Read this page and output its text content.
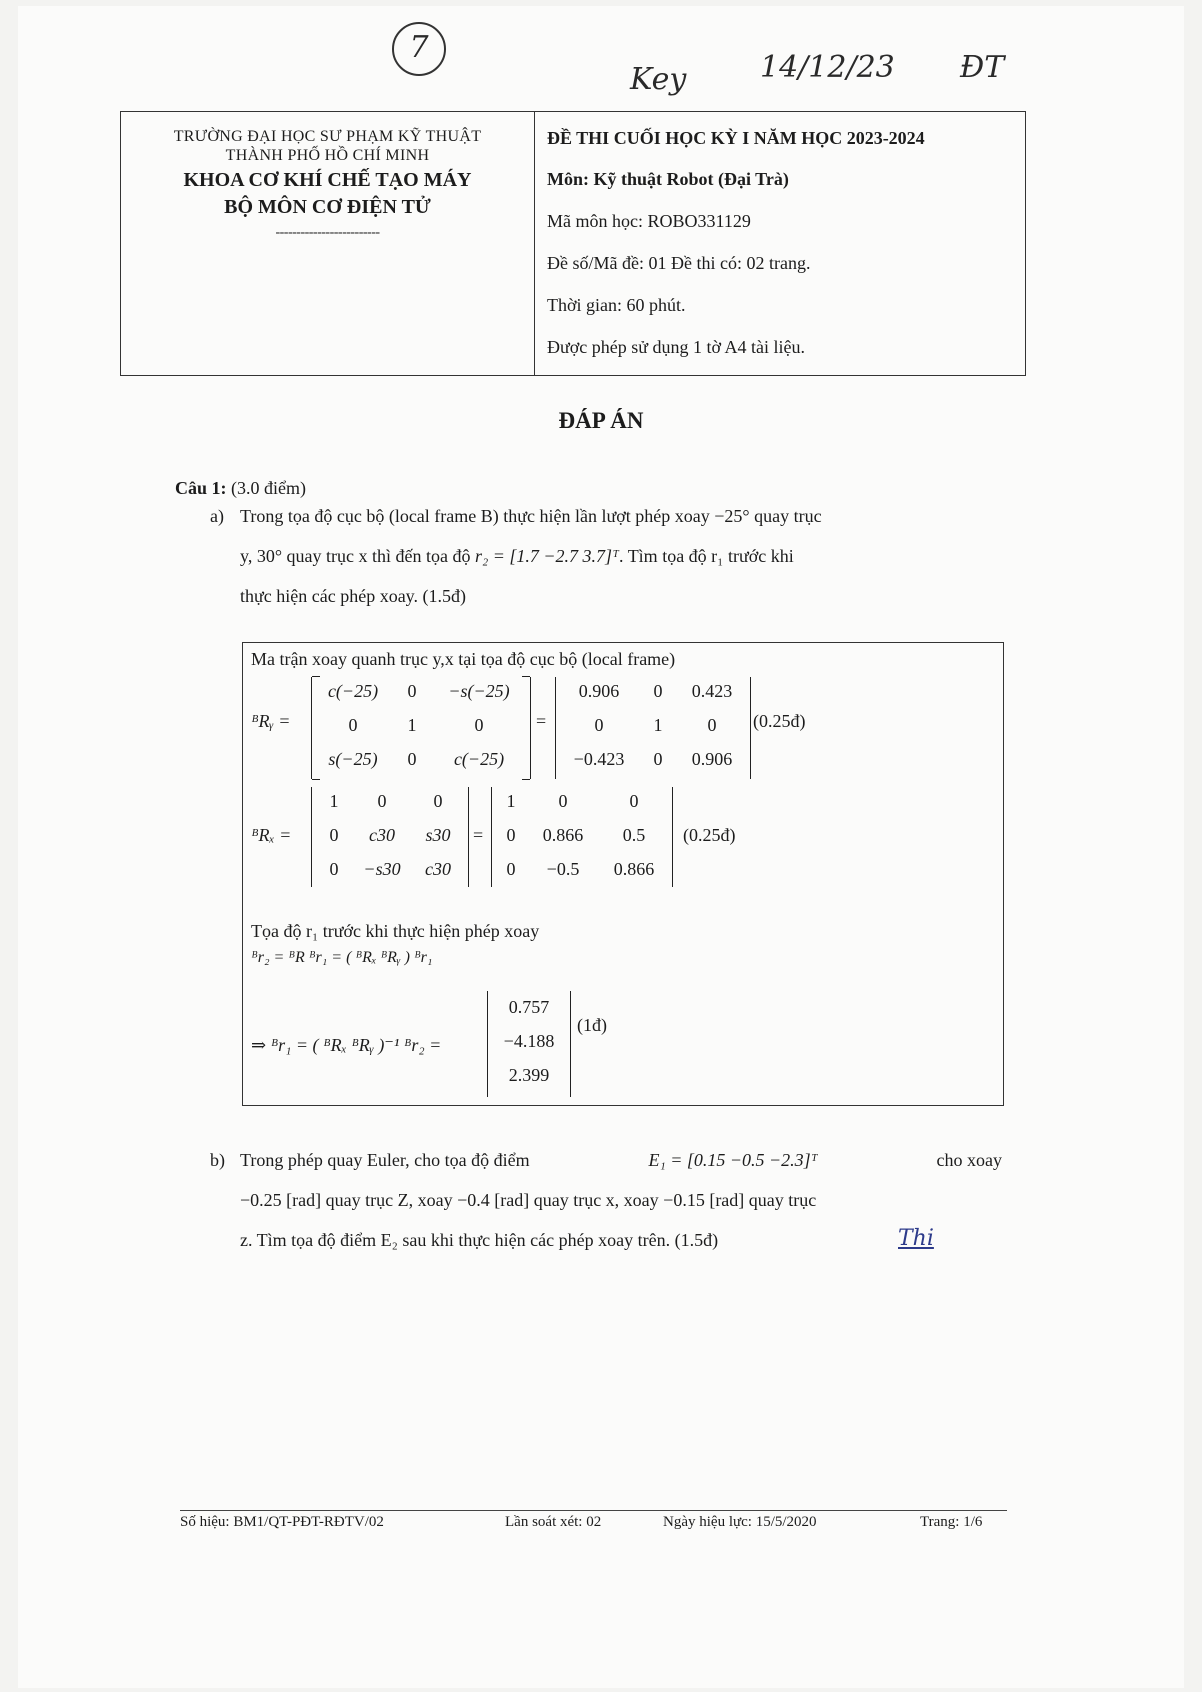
7
Key 14/12/23 ĐT
TRƯỜNG ĐẠI HỌC SƯ PHẠM KỸ THUẬT
THÀNH PHỐ HỒ CHÍ MINH
KHOA CƠ KHÍ CHẾ TẠO MÁY
BỘ MÔN CƠ ĐIỆN TỬ
-------------------------
ĐỀ THI CUỐI HỌC KỲ I NĂM HỌC 2023-2024
Môn: Kỹ thuật Robot (Đại Trà)
Mã môn học: ROBO331129
Đề số/Mã đề: 01 Đề thi có: 02 trang.
Thời gian: 60 phút.
Được phép sử dụng 1 tờ A4 tài liệu.
ĐÁP ÁN
Câu 1: (3.0 điểm)
a) Trong tọa độ cục bộ (local frame B) thực hiện lần lượt phép xoay −25° quay trục
y, 30° quay trục x thì đến tọa độ r₂ = [1.7 −2.7 3.7]ᵀ. Tìm tọa độ r₁ trước khi
thực hiện các phép xoay. (1.5đ)
Ma trận xoay quanh trục y,x tại tọa độ cục bộ (local frame)
ᴮRᵧ =
c(−25)	0	−s(−25)
0	1	0
s(−25)	0	c(−25)
=
0.906	0	0.423
0	1	0
−0.423	0	0.906
(0.25đ)
ᴮRₓ =
1	0	0
0	c30	s30
0	−s30	c30
=
1	0	0
0	0.866	0.5
0	−0.5	0.866
(0.25đ)
Tọa độ r₁ trước khi thực hiện phép xoay
ᴮr₂ = ᴮR ᴮr₁ = ( ᴮRₓ ᴮRᵧ ) ᴮr₁
⇒ ᴮr₁ = ( ᴮRₓ ᴮRᵧ )⁻¹ ᴮr₂ =
0.757
−4.188
2.399
(1đ)
b) Trong phép quay Euler, cho tọa độ điểm	E₁ = [0.15 −0.5 −2.3]ᵀ	cho xoay
−0.25 [rad] quay trục Z, xoay −0.4 [rad] quay trục x, xoay −0.15 [rad] quay trục
z. Tìm tọa độ điểm E₂ sau khi thực hiện các phép xoay trên. (1.5đ)	Thi
Số hiệu: BM1/QT-PĐT-RĐTV/02	Lần soát xét: 02	Ngày hiệu lực: 15/5/2020	Trang: 1/6
